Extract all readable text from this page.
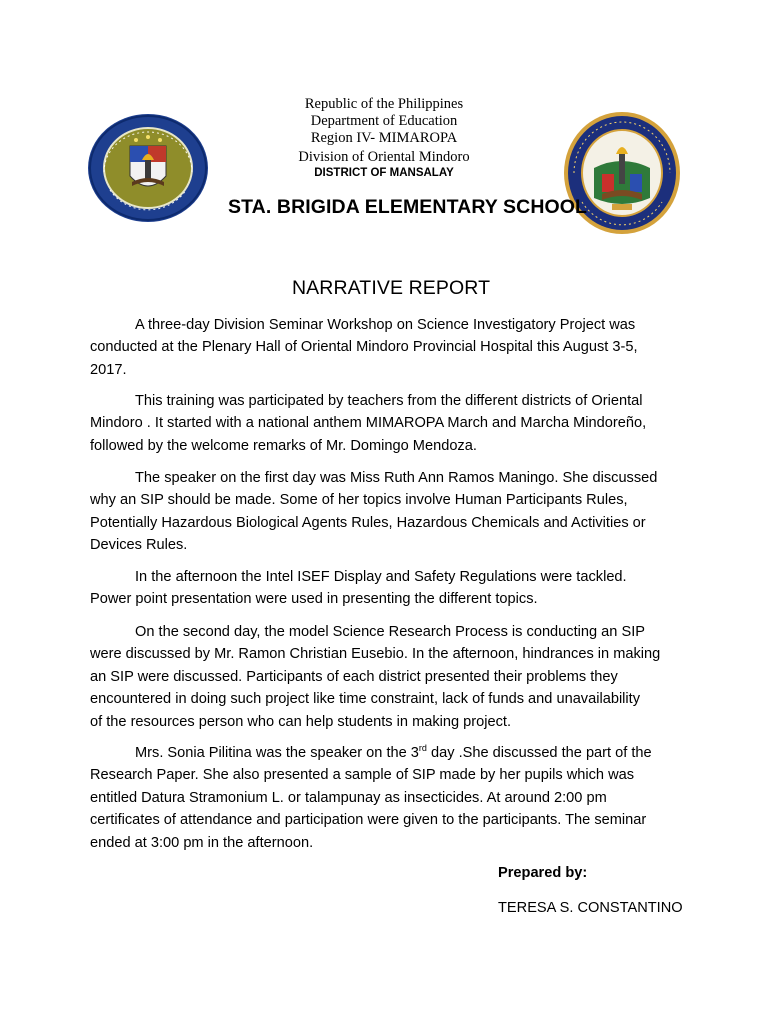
Republic of the Philippines
Department of Education
Region IV- MIMAROPA
Division of Oriental Mindoro
DISTRICT OF MANSALAY
STA. BRIGIDA ELEMENTARY SCHOOL
NARRATIVE REPORT

A three-day Division Seminar Workshop on Science Investigatory Project was

conducted at the Plenary Hall of Oriental Mindoro Provincial Hospital this August 3-5,

2017.

This training was participated by teachers from the different districts of Oriental

Mindoro . It started with a national anthem MIMAROPA March and Marcha Mindoreño,

followed by the welcome remarks of Mr. Domingo Mendoza.

The speaker on the first day was Miss Ruth Ann Ramos Maningo. She discussed

why an SIP should be made. Some of her topics involve Human Participants Rules,

Potentially Hazardous Biological Agents Rules, Hazardous Chemicals and Activities or

Devices Rules.

In the afternoon the Intel ISEF Display and Safety Regulations were tackled.

Power point presentation were used in presenting the different topics.

On the second day, the model Science Research Process is conducting an SIP

were discussed by Mr. Ramon Christian Eusebio. In the afternoon, hindrances in making

an SIP were discussed. Participants of each district presented their problems they

encountered in doing such project like time constraint, lack of funds and unavailability

of the resources person who can help students in making project.

Mrs. Sonia Pilitina was the speaker on the 3rd day .She discussed the part of the

Research Paper. She also presented a sample of SIP made by her pupils which was

entitled Datura Stramonium L. or talampunay as insecticides. At around 2:00 pm

certificates of attendance and participation were given to the participants. The seminar

ended at 3:00 pm in the afternoon.

Prepared by:
TERESA S. CONSTANTINO
